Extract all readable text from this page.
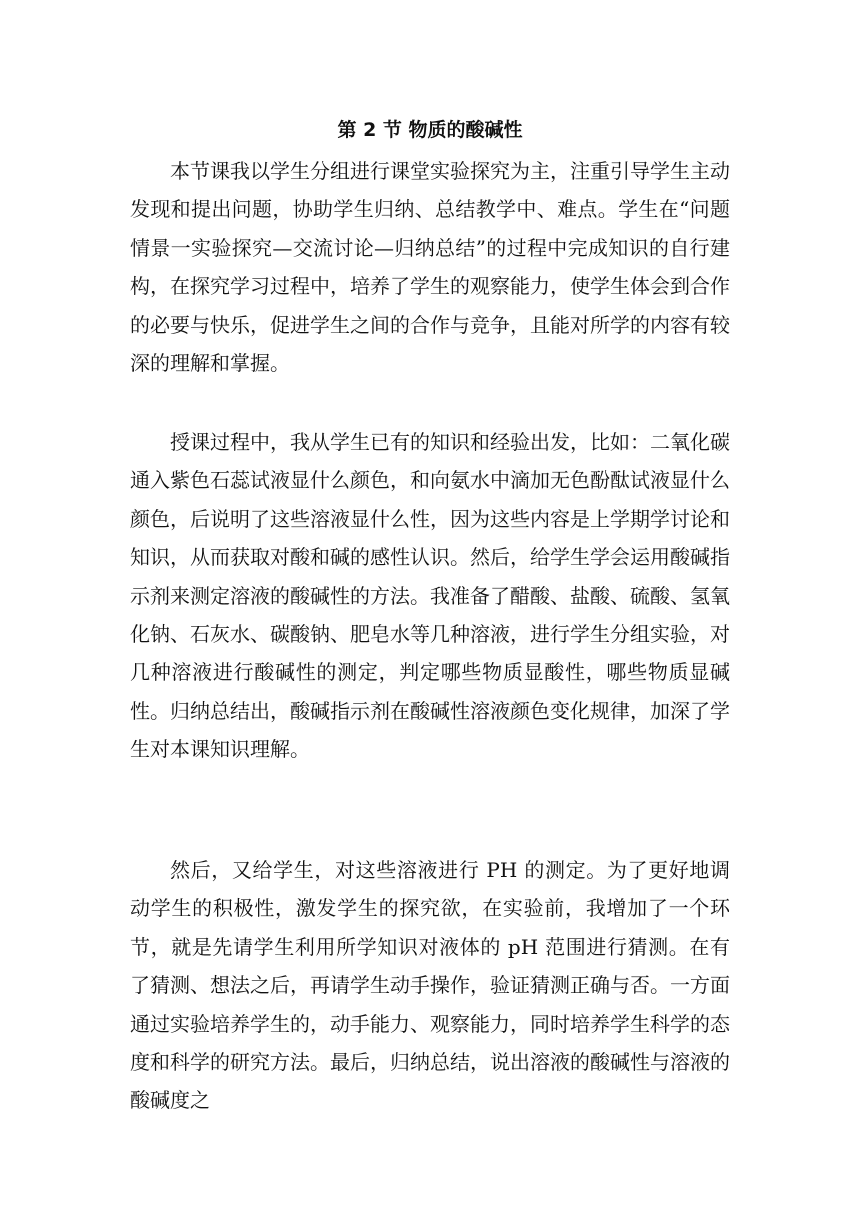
第 2 节 物质的酸碱性

本节课我以学生分组进行课堂实验探究为主，注重引导学生主动发现和提出问题，协助学生归纳、总结教学中、难点。学生在“问题情景一实验探究—交流讨论—归纳总结”的过程中完成知识的自行建构，在探究学习过程中，培养了学生的观察能力，使学生体会到合作的必要与快乐，促进学生之间的合作与竞争，且能对所学的内容有较深的理解和掌握。

授课过程中，我从学生已有的知识和经验出发，比如：二氧化碳通入紫色石蕊试液显什么颜色，和向氨水中滴加无色酚酞试液显什么颜色，后说明了这些溶液显什么性，因为这些内容是上学期学讨论和知识，从而获取对酸和碱的感性认识。然后，给学生学会运用酸碱指示剂来测定溶液的酸碱性的方法。我准备了醋酸、盐酸、硫酸、氢氧化钠、石灰水、碳酸钠、肥皂水等几种溶液，进行学生分组实验，对几种溶液进行酸碱性的测定，判定哪些物质显酸性，哪些物质显碱性。归纳总结出，酸碱指示剂在酸碱性溶液颜色变化规律，加深了学生对本课知识理解。

然后，又给学生，对这些溶液进行 PH 的测定。为了更好地调动学生的积极性，激发学生的探究欲，在实验前，我增加了一个环节，就是先请学生利用所学知识对液体的 pH 范围进行猜测。在有了猜测、想法之后，再请学生动手操作，验证猜测正确与否。一方面通过实验培养学生的，动手能力、观察能力，同时培养学生科学的态度和科学的研究方法。最后，归纳总结，说出溶液的酸碱性与溶液的酸碱度之
